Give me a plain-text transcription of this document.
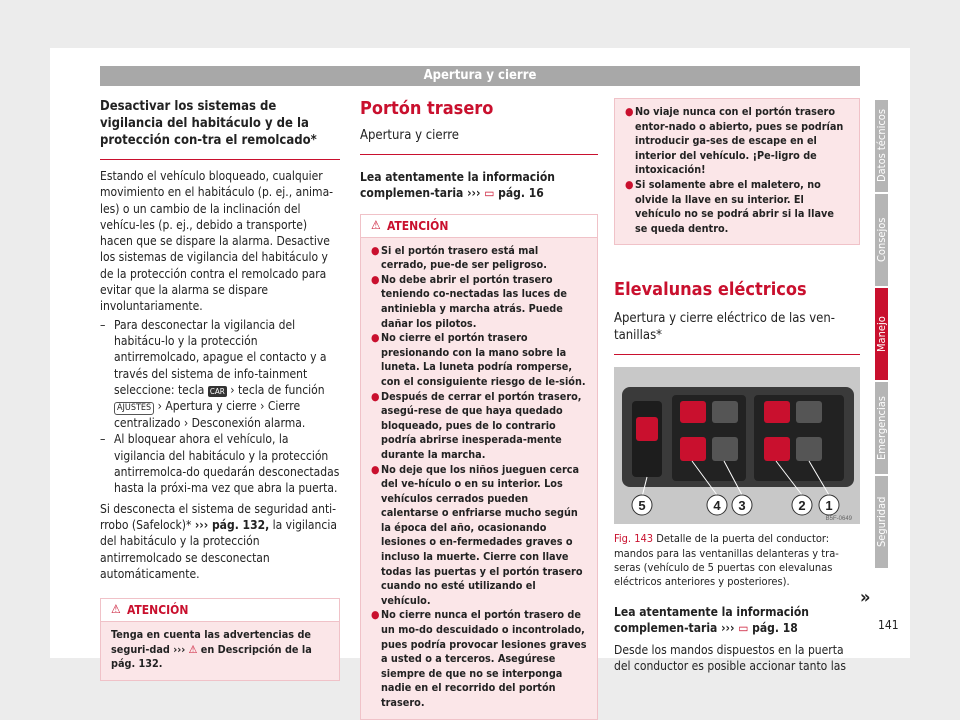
Apertura y cierre
Desactivar los sistemas de vigilancia del habitáculo y de la protección con-tra el remolcado*

Estando el vehículo bloqueado, cualquier movimiento en el habitáculo (p. ej., anima-les) o un cambio de la inclinación del vehícu-les (p. ej., debido a transporte) hacen que se dispare la alarma. Desactive los sistemas de vigilancia del habitáculo y de la protección contra el remolcado para evitar que la alarma se dispare involuntariamente.

– Para desconectar la vigilancia del habitácu-lo y la protección antirremolcado, apague el contacto y a través del sistema de info-tainment seleccione: tecla CAR › tecla de función AJUSTES › Apertura y cierre › Cierre centralizado › Desconexión alarma.
– Al bloquear ahora el vehículo, la vigilancia del habitáculo y la protección antirremolca-do quedarán desconectadas hasta la próxi-ma vez que abra la puerta.

Si desconecta el sistema de seguridad anti-rrobo (Safelock)* ››› pág. 132, la vigilancia del habitáculo y la protección antirremolcado se desconectan automáticamente.

⚠ ATENCIÓN
Tenga en cuenta las advertencias de seguri-dad ››› ⚠ en Descripción de la pág. 132.
Portón trasero
Apertura y cierre

Lea atentamente la información complemen-taria ››› ▭ pág. 16

⚠ ATENCIÓN
● Si el portón trasero está mal cerrado, pue-de ser peligroso.
● No debe abrir el portón trasero teniendo co-nectadas las luces de antiniebla y marcha atrás. Puede dañar los pilotos.
● No cierre el portón trasero presionando con la mano sobre la luneta. La luneta podría romperse, con el consiguiente riesgo de le-sión.
● Después de cerrar el portón trasero, asegú-rese de que haya quedado bloqueado, pues de lo contrario podría abrirse inesperada-mente durante la marcha.
● No deje que los niños jueguen cerca del ve-hículo o en su interior. Los vehículos cerrados pueden calentarse o enfriarse mucho según la época del año, ocasionando lesiones o en-fermedades graves o incluso la muerte. Cierre con llave todas las puertas y el portón trasero cuando no esté utilizando el vehículo.
● No cierre nunca el portón trasero de un mo-do descuidado o incontrolado, pues podría provocar lesiones graves a usted o a terceros. Asegúrese siempre de que no se interponga nadie en el recorrido del portón trasero.
● No viaje nunca con el portón trasero entor-nado o abierto, pues se podrían introducir ga-ses de escape en el interior del vehículo. ¡Pe-ligro de intoxicación!
● Si solamente abre el maletero, no olvide la llave en su interior. El vehículo no se podrá abrir si la llave se queda dentro.
Elevalunas eléctricos
Apertura y cierre eléctrico de las ven-tanillas*
5	4 3	2 1
B5F-0649
Fig. 143 Detalle de la puerta del conductor: mandos para las ventanillas delanteras y tra-seras (vehículo de 5 puertas con elevalunas eléctricos anteriores y posteriores).

Lea atentamente la información complemen-taria ››› ▭ pág. 18

Desde los mandos dispuestos en la puerta del conductor es posible accionar tanto las

»
Datos técnicos
Consejos
Manejo
Emergencias
Seguridad
141
